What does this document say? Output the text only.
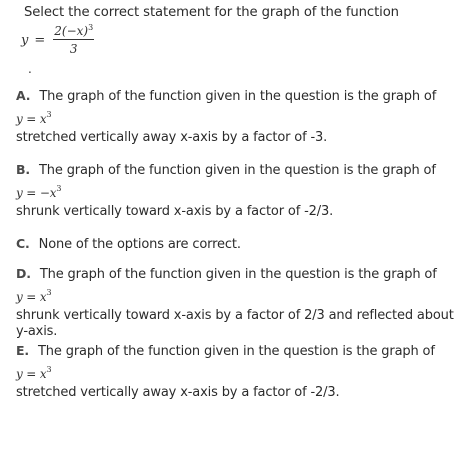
Select the correct statement for the graph of the function
$y = \frac{2(-x)^3}{3}$
.
A. The graph of the function given in the question is the graph of
$y = x^3$
stretched vertically away x-axis by a factor of -3.
B. The graph of the function given in the question is the graph of
$y = -x^3$
shrunk vertically toward x-axis by a factor of -2/3.
C. None of the options are correct.
D. The graph of the function given in the question is the graph of
$y = x^3$
shrunk vertically toward x-axis by a factor of 2/3 and reflected about y-axis.
E. The graph of the function given in the question is the graph of
$y = x^3$
stretched vertically away x-axis by a factor of -2/3.
